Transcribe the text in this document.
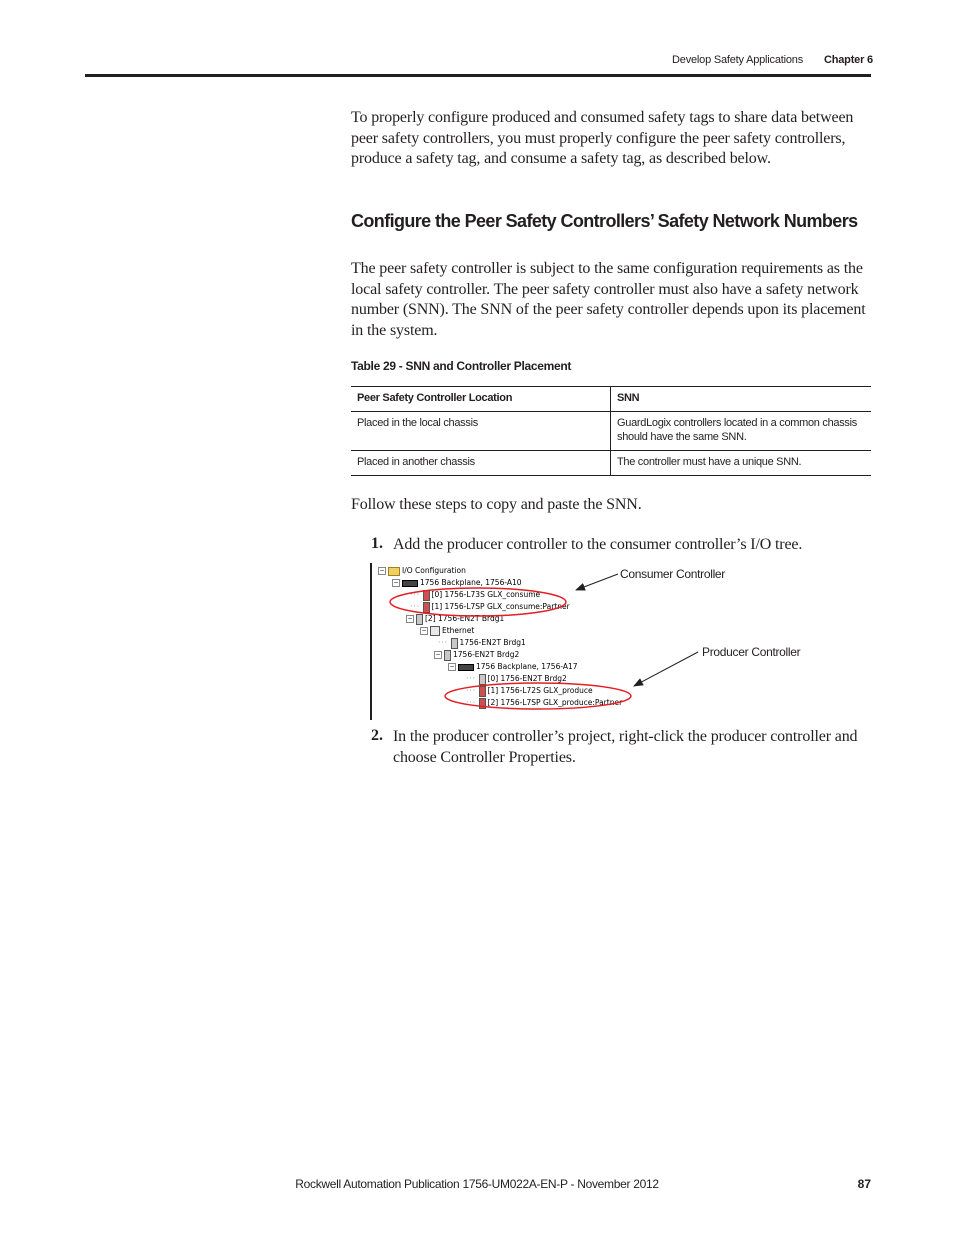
Develop Safety Applications Chapter 6
To properly configure produced and consumed safety tags to share data between peer safety controllers, you must properly configure the peer safety controllers, produce a safety tag, and consume a safety tag, as described below.
Configure the Peer Safety Controllers’ Safety Network Numbers
The peer safety controller is subject to the same configuration requirements as the local safety controller. The peer safety controller must also have a safety network number (SNN). The SNN of the peer safety controller depends upon its placement in the system.
Table 29 - SNN and Controller Placement
Peer Safety Controller Location	SNN
Placed in the local chassis	GuardLogix controllers located in a common chassis should have the same SNN.
Placed in another chassis	The controller must have a unique SNN.
Follow these steps to copy and paste the SNN.
1. Add the producer controller to the consumer controller’s I/O tree.
− I/O Configuration
−	1756 Backplane, 1756-A10
··· [0] 1756-L73S GLX_consume
··· [1] 1756-L7SP GLX_consume:Partner
− [2] 1756-EN2T Brdg1
− Ethernet
··· 1756-EN2T Brdg1
− 1756-EN2T Brdg2
−	1756 Backplane, 1756-A17
··· [0] 1756-EN2T Brdg2
··· [1] 1756-L72S GLX_produce
··· [2] 1756-L7SP GLX_produce:Partner
Consumer Controller
Producer Controller
2. In the producer controller’s project, right-click the producer controller and choose Controller Properties.
Rockwell Automation Publication 1756-UM022A-EN-P - November 2012	87
